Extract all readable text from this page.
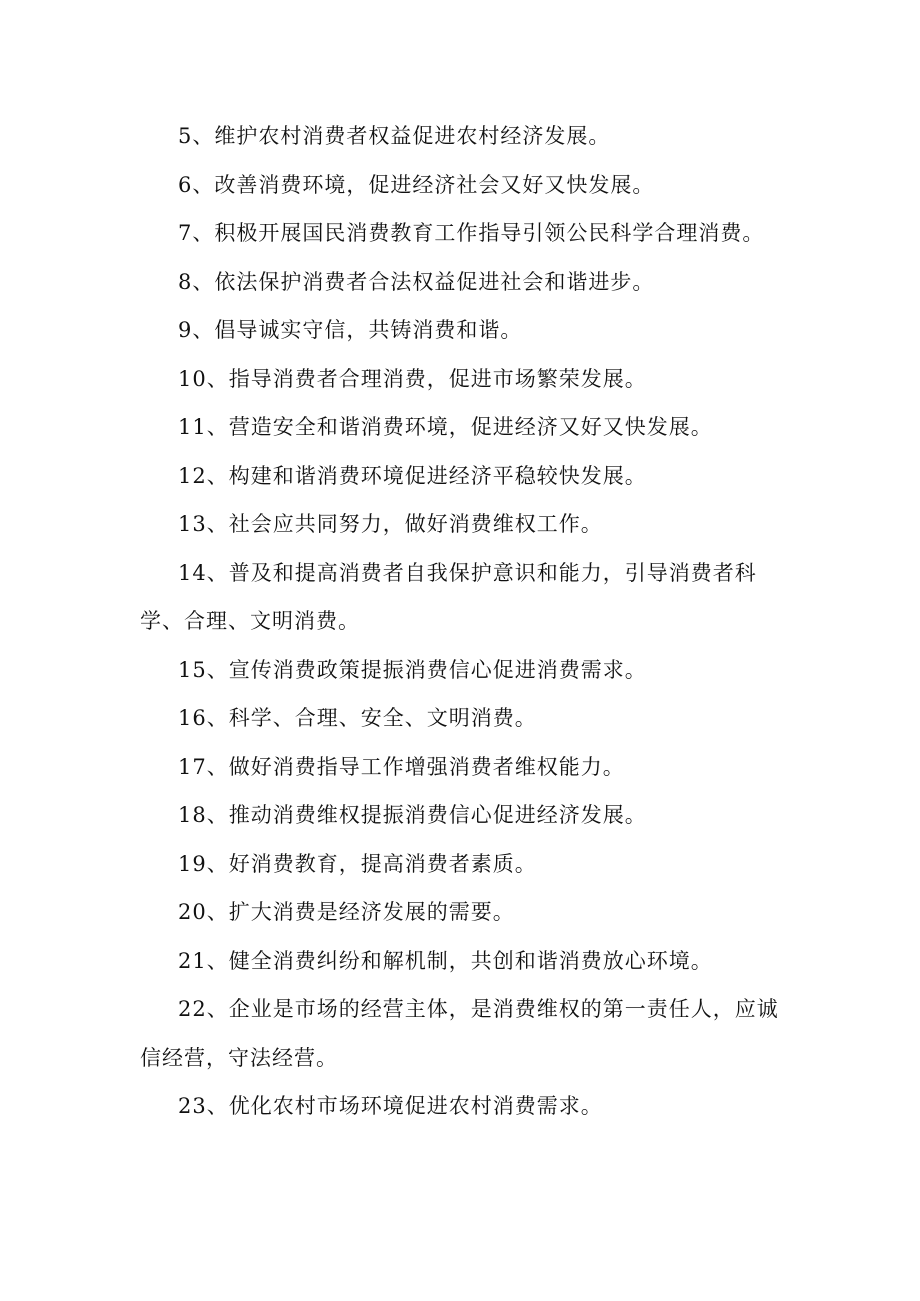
5、维护农村消费者权益促进农村经济发展。

6、改善消费环境，促进经济社会又好又快发展。

7、积极开展国民消费教育工作指导引领公民科学合理消费。

8、依法保护消费者合法权益促进社会和谐进步。

9、倡导诚实守信，共铸消费和谐。

10、指导消费者合理消费，促进市场繁荣发展。

11、营造安全和谐消费环境，促进经济又好又快发展。

12、构建和谐消费环境促进经济平稳较快发展。

13、社会应共同努力，做好消费维权工作。

14、普及和提高消费者自我保护意识和能力，引导消费者科学、合理、文明消费。

15、宣传消费政策提振消费信心促进消费需求。

16、科学、合理、安全、文明消费。

17、做好消费指导工作增强消费者维权能力。

18、推动消费维权提振消费信心促进经济发展。

19、好消费教育，提高消费者素质。

20、扩大消费是经济发展的需要。

21、健全消费纠纷和解机制，共创和谐消费放心环境。

22、企业是市场的经营主体，是消费维权的第一责任人，应诚信经营，守法经营。

23、优化农村市场环境促进农村消费需求。
